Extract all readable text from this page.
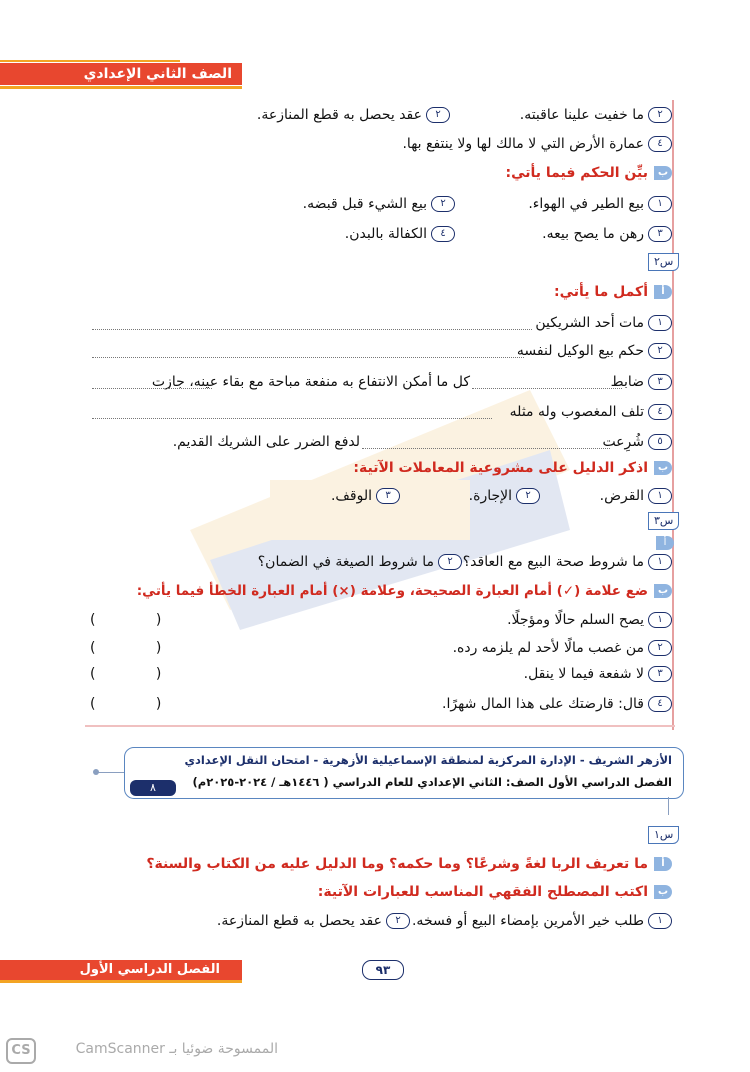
الصف الثاني الإعدادي
٢ما خفيت علينا عاقبته.
٢عقد يحصل به قطع المنازعة.
٤عمارة الأرض التي لا مالك لها ولا ينتفع بها.
ببيِّن الحكم فيما يأتي:
١بيع الطير في الهواء.
٢بيع الشيء قبل قبضه.
٣رهن ما يصح بيعه.
٤الكفالة بالبدن.
س٢
أأكمل ما يأتي:
١مات أحد الشريكين
٢حكم بيع الوكيل لنفسه
٣ضابط
كل ما أمكن الانتفاع به منفعة مباحة مع بقاء عينه، جازت
٤تلف المغصوب وله مثله
٥شُرِعت
لدفع الضرر على الشريك القديم.
باذكر الدليل على مشروعية المعاملات الآتية:
١القرض.
٢الإجارة.
٣الوقف.
س٣
أ
١ما شروط صحة البيع مع العاقد؟
٢ما شروط الصيغة في الضمان؟
بضع علامة (✓) أمام العبارة الصحيحة، وعلامة (×) أمام العبارة الخطأ فيما يأتي:
١يصح السلم حالًا ومؤجلًا.
( )
٢من غصب مالًا لأحد لم يلزمه رده.
( )
٣لا شفعة فيما لا ينقل.
( )
٤قال: قارضتك على هذا المال شهرًا.
( )
الأزهر الشريف - الإدارة المركزية لمنطقة الإسماعيلية الأزهرية - امتحان النقل الإعدادي
الفصل الدراسي الأول الصف: الثاني الإعدادي للعام الدراسي ( ١٤٤٦هـ / ٢٠٢٤-٢٠٢٥م)
٨
س١
أما تعريف الربا لغةً وشرعًا؟ وما حكمه؟ وما الدليل عليه من الكتاب والسنة؟
باكتب المصطلح الفقهي المناسب للعبارات الآتية:
١طلب خير الأمرين بإمضاء البيع أو فسخه.
٢عقد يحصل به قطع المنازعة.
الفصل الدراسي الأول	٩٣
CS	الممسوحة ضوئيا بـ CamScanner
